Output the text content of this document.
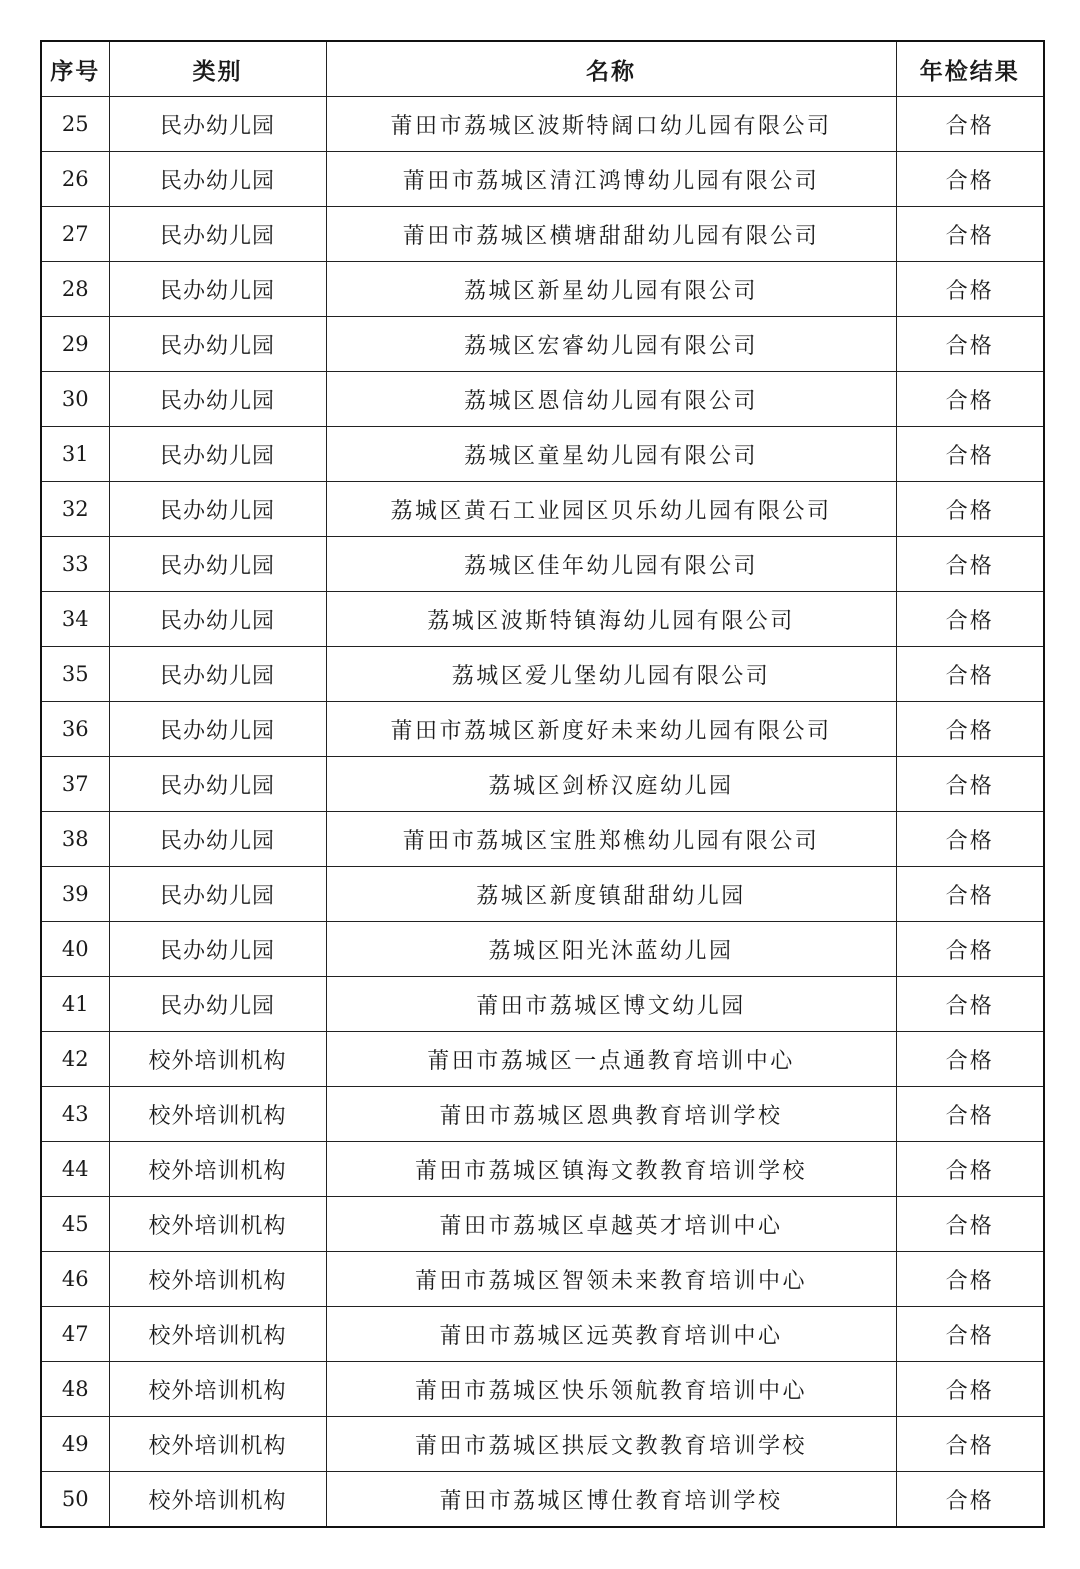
序号	类别	名称	年检结果
25	民办幼儿园	莆田市荔城区波斯特阔口幼儿园有限公司	合格
26	民办幼儿园	莆田市荔城区清江鸿博幼儿园有限公司	合格
27	民办幼儿园	莆田市荔城区横塘甜甜幼儿园有限公司	合格
28	民办幼儿园	荔城区新星幼儿园有限公司	合格
29	民办幼儿园	荔城区宏睿幼儿园有限公司	合格
30	民办幼儿园	荔城区恩信幼儿园有限公司	合格
31	民办幼儿园	荔城区童星幼儿园有限公司	合格
32	民办幼儿园	荔城区黄石工业园区贝乐幼儿园有限公司	合格
33	民办幼儿园	荔城区佳年幼儿园有限公司	合格
34	民办幼儿园	荔城区波斯特镇海幼儿园有限公司	合格
35	民办幼儿园	荔城区爱儿堡幼儿园有限公司	合格
36	民办幼儿园	莆田市荔城区新度好未来幼儿园有限公司	合格
37	民办幼儿园	荔城区剑桥汉庭幼儿园	合格
38	民办幼儿园	莆田市荔城区宝胜郑樵幼儿园有限公司	合格
39	民办幼儿园	荔城区新度镇甜甜幼儿园	合格
40	民办幼儿园	荔城区阳光沐蓝幼儿园	合格
41	民办幼儿园	莆田市荔城区博文幼儿园	合格
42	校外培训机构	莆田市荔城区一点通教育培训中心	合格
43	校外培训机构	莆田市荔城区恩典教育培训学校	合格
44	校外培训机构	莆田市荔城区镇海文教教育培训学校	合格
45	校外培训机构	莆田市荔城区卓越英才培训中心	合格
46	校外培训机构	莆田市荔城区智领未来教育培训中心	合格
47	校外培训机构	莆田市荔城区远英教育培训中心	合格
48	校外培训机构	莆田市荔城区快乐领航教育培训中心	合格
49	校外培训机构	莆田市荔城区拱辰文教教育培训学校	合格
50	校外培训机构	莆田市荔城区博仕教育培训学校	合格
